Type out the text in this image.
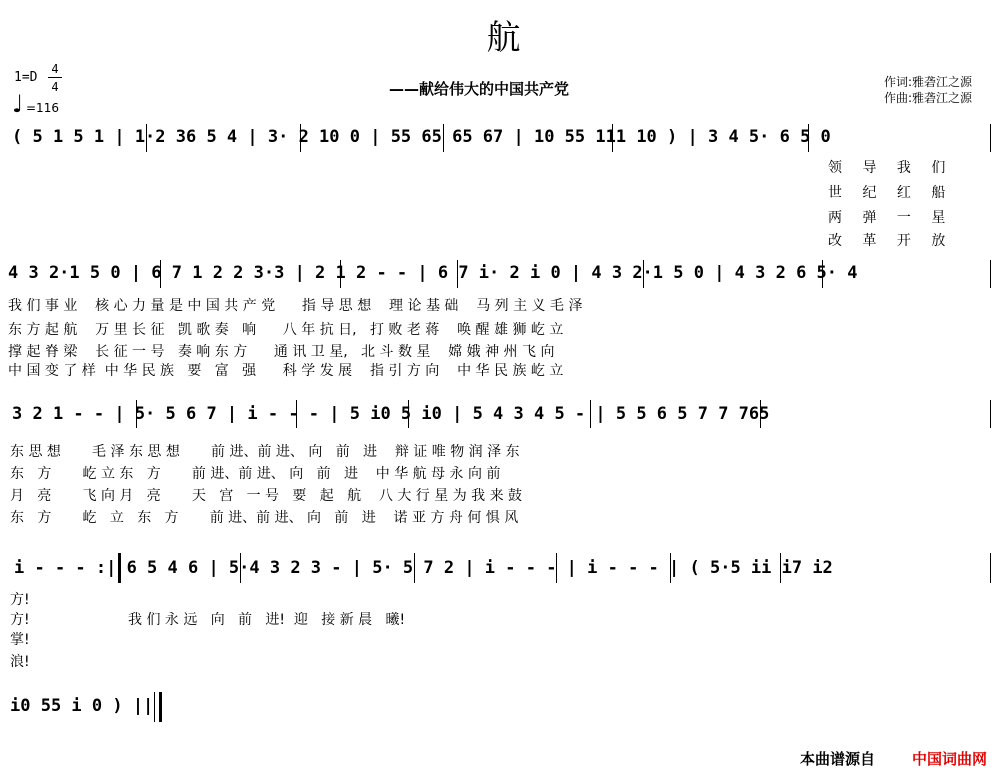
航
——献给伟大的中国共产党	作词:雅砻江之源
作曲:雅砻江之源
1=D
4
4
♩ =116
( 5 1 5 1 | 1·2 36 5 4 | 3· 2 10 0 | 55 65 65 67 | 10 55 111 10 ) | 3 4 5· 6 5 0
领 导 我 们
世 纪 红 船
两 弹 一 星
改 革 开 放
4 3 2·1 5 0 | 6 7 1 2 2 3·3 | 2 1 2 - - | 6 7 i· 2 i 0 | 4 3 2·1 5 0 | 4 3 2 6 5· 4
我 们 事 业    核 心 力 量 是 中 国 共 产 党      指 导 思 想    理 论 基 础    马 列 主 义 毛 泽
东 方 起 航    万 里 长 征   凯 歌 奏   响      八 年 抗 日,   打 败 老 蒋    唤 醒 雄 狮 屹 立
撑 起 脊 梁    长 征 一 号   奏 响 东 方      通 讯 卫 星,   北 斗 数 星    嫦 娥 神 州 飞 向
中 国 变 了 样  中 华 民 族   要   富   强      科 学 发 展    指 引 方 向    中 华 民 族 屹 立
3 2 1 - - | 5· 5 6 7 | i - - - | 5 i0 5 i0 | 5 4 3 4 5 - | 5 5 6 5 7 7 765
东 思 想       毛 泽 东 思 想       前 进、前 进、 向   前   进    辩 证 唯 物 润 泽 东
东   方       屹 立 东   方       前 进、前 进、 向   前   进    中 华 航 母 永 向 前
月   亮       飞 向 月   亮       天   宫   一 号   要   起   航    八 大 行 星 为 我 来 鼓
东   方       屹   立   东   方       前 进、前 进、 向   前   进    诺 亚 方 舟 何 惧 风
i - - - :| 6 5 4 6 | 5·4 3 2 3 - | 5· 5 7 2 | i - - - | i - - - | ( 5·5 ii i7 i2
方!
方!
掌!
浪!
我 们 永 远   向   前   进!  迎   接 新 晨   曦!
i0 55 i 0 ) ||
本曲谱源自 中国词曲网
